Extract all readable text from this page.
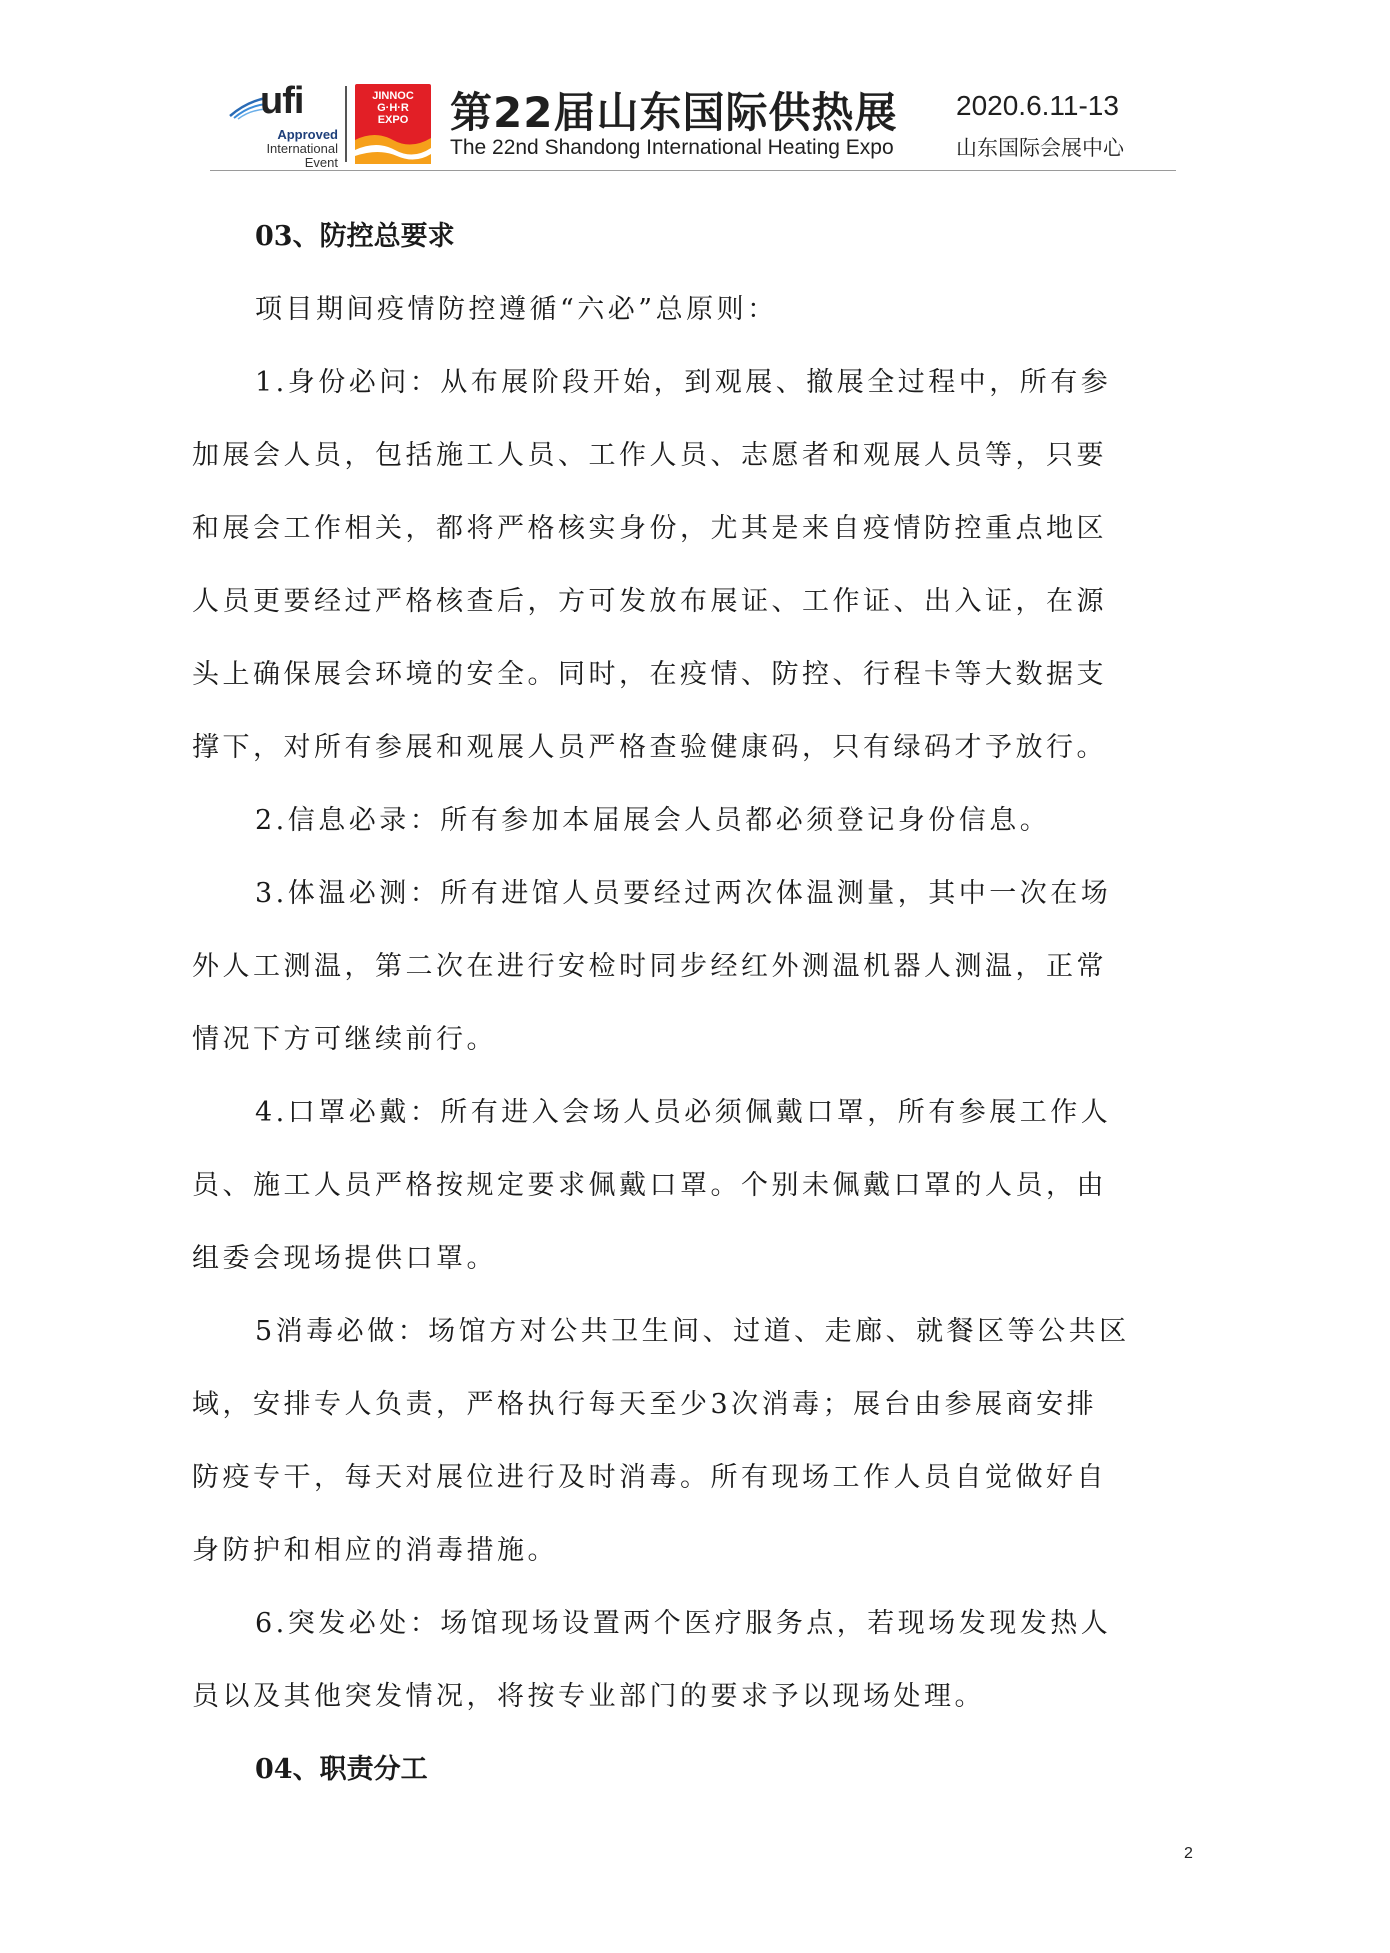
ufi
Approved
International
Event
JINNOC
G·H·R
EXPO 第22届山东国际供热展
The 22nd Shandong International Heating Expo
2020.6.11-13
山东国际会展中心
03、防控总要求
项目期间疫情防控遵循“六必”总原则：
1.身份必问：从布展阶段开始，到观展、撤展全过程中，所有参
加展会人员，包括施工人员、工作人员、志愿者和观展人员等，只要
和展会工作相关，都将严格核实身份，尤其是来自疫情防控重点地区
人员更要经过严格核查后，方可发放布展证、工作证、出入证，在源
头上确保展会环境的安全。同时，在疫情、防控、行程卡等大数据支
撑下，对所有参展和观展人员严格查验健康码，只有绿码才予放行。
2.信息必录：所有参加本届展会人员都必须登记身份信息。
3.体温必测：所有进馆人员要经过两次体温测量，其中一次在场
外人工测温，第二次在进行安检时同步经红外测温机器人测温，正常
情况下方可继续前行。
4.口罩必戴：所有进入会场人员必须佩戴口罩，所有参展工作人
员、施工人员严格按规定要求佩戴口罩。个别未佩戴口罩的人员，由
组委会现场提供口罩。
5消毒必做：场馆方对公共卫生间、过道、走廊、就餐区等公共区
域，安排专人负责，严格执行每天至少3次消毒；展台由参展商安排
防疫专干，每天对展位进行及时消毒。所有现场工作人员自觉做好自
身防护和相应的消毒措施。
6.突发必处：场馆现场设置两个医疗服务点，若现场发现发热人
员以及其他突发情况，将按专业部门的要求予以现场处理。
04、职责分工
2
